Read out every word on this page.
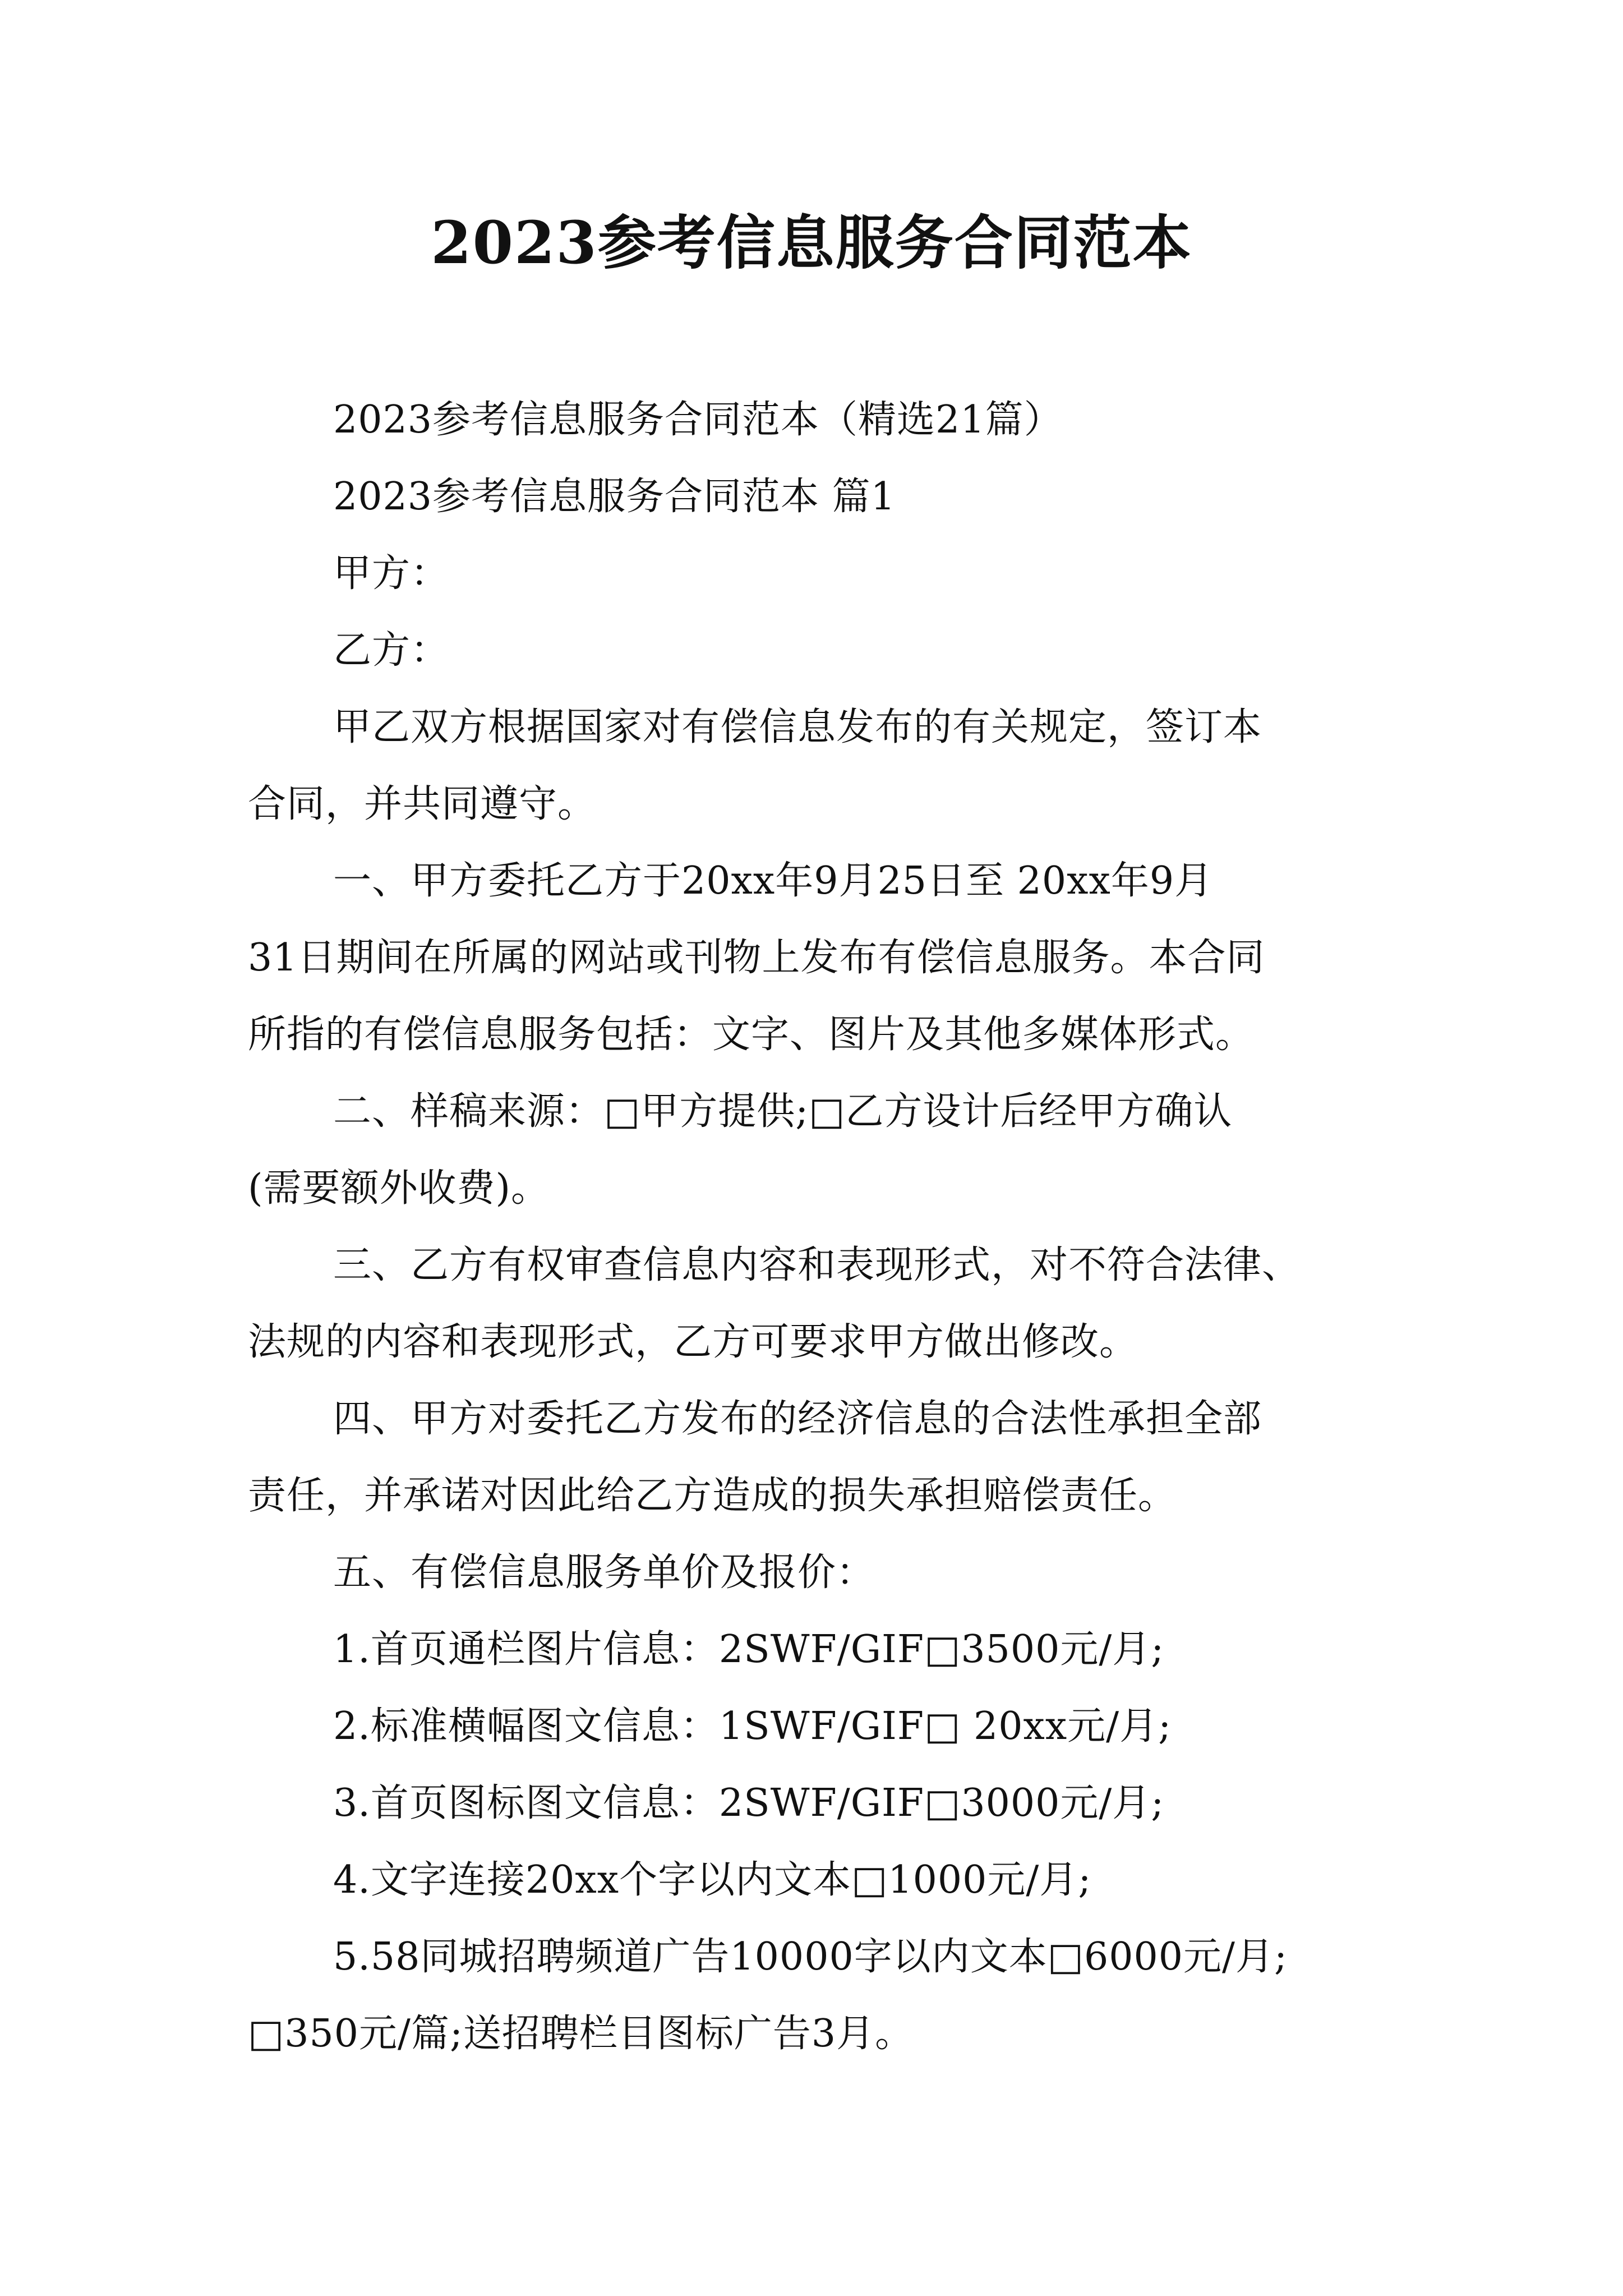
2023参考信息服务合同范本

2023参考信息服务合同范本（精选21篇）

2023参考信息服务合同范本 篇1

甲方：

乙方：

甲乙双方根据国家对有偿信息发布的有关规定，签订本
合同，并共同遵守。

一、甲方委托乙方于20xx年9月25日至 20xx年9月
31日期间在所属的网站或刊物上发布有偿信息服务。本合同
所指的有偿信息服务包括：文字、图片及其他多媒体形式。

二、样稿来源：□甲方提供;□乙方设计后经甲方确认
(需要额外收费)。

三、乙方有权审查信息内容和表现形式，对不符合法律、
法规的内容和表现形式，乙方可要求甲方做出修改。

四、甲方对委托乙方发布的经济信息的合法性承担全部
责任，并承诺对因此给乙方造成的损失承担赔偿责任。

五、有偿信息服务单价及报价：

1.首页通栏图片信息：2SWF/GIF□3500元/月;

2.标准横幅图文信息：1SWF/GIF□ 20xx元/月;

3.首页图标图文信息：2SWF/GIF□3000元/月;

4.文字连接20xx个字以内文本□1000元/月;

5.58同城招聘频道广告10000字以内文本□6000元/月;
□350元/篇;送招聘栏目图标广告3月。
